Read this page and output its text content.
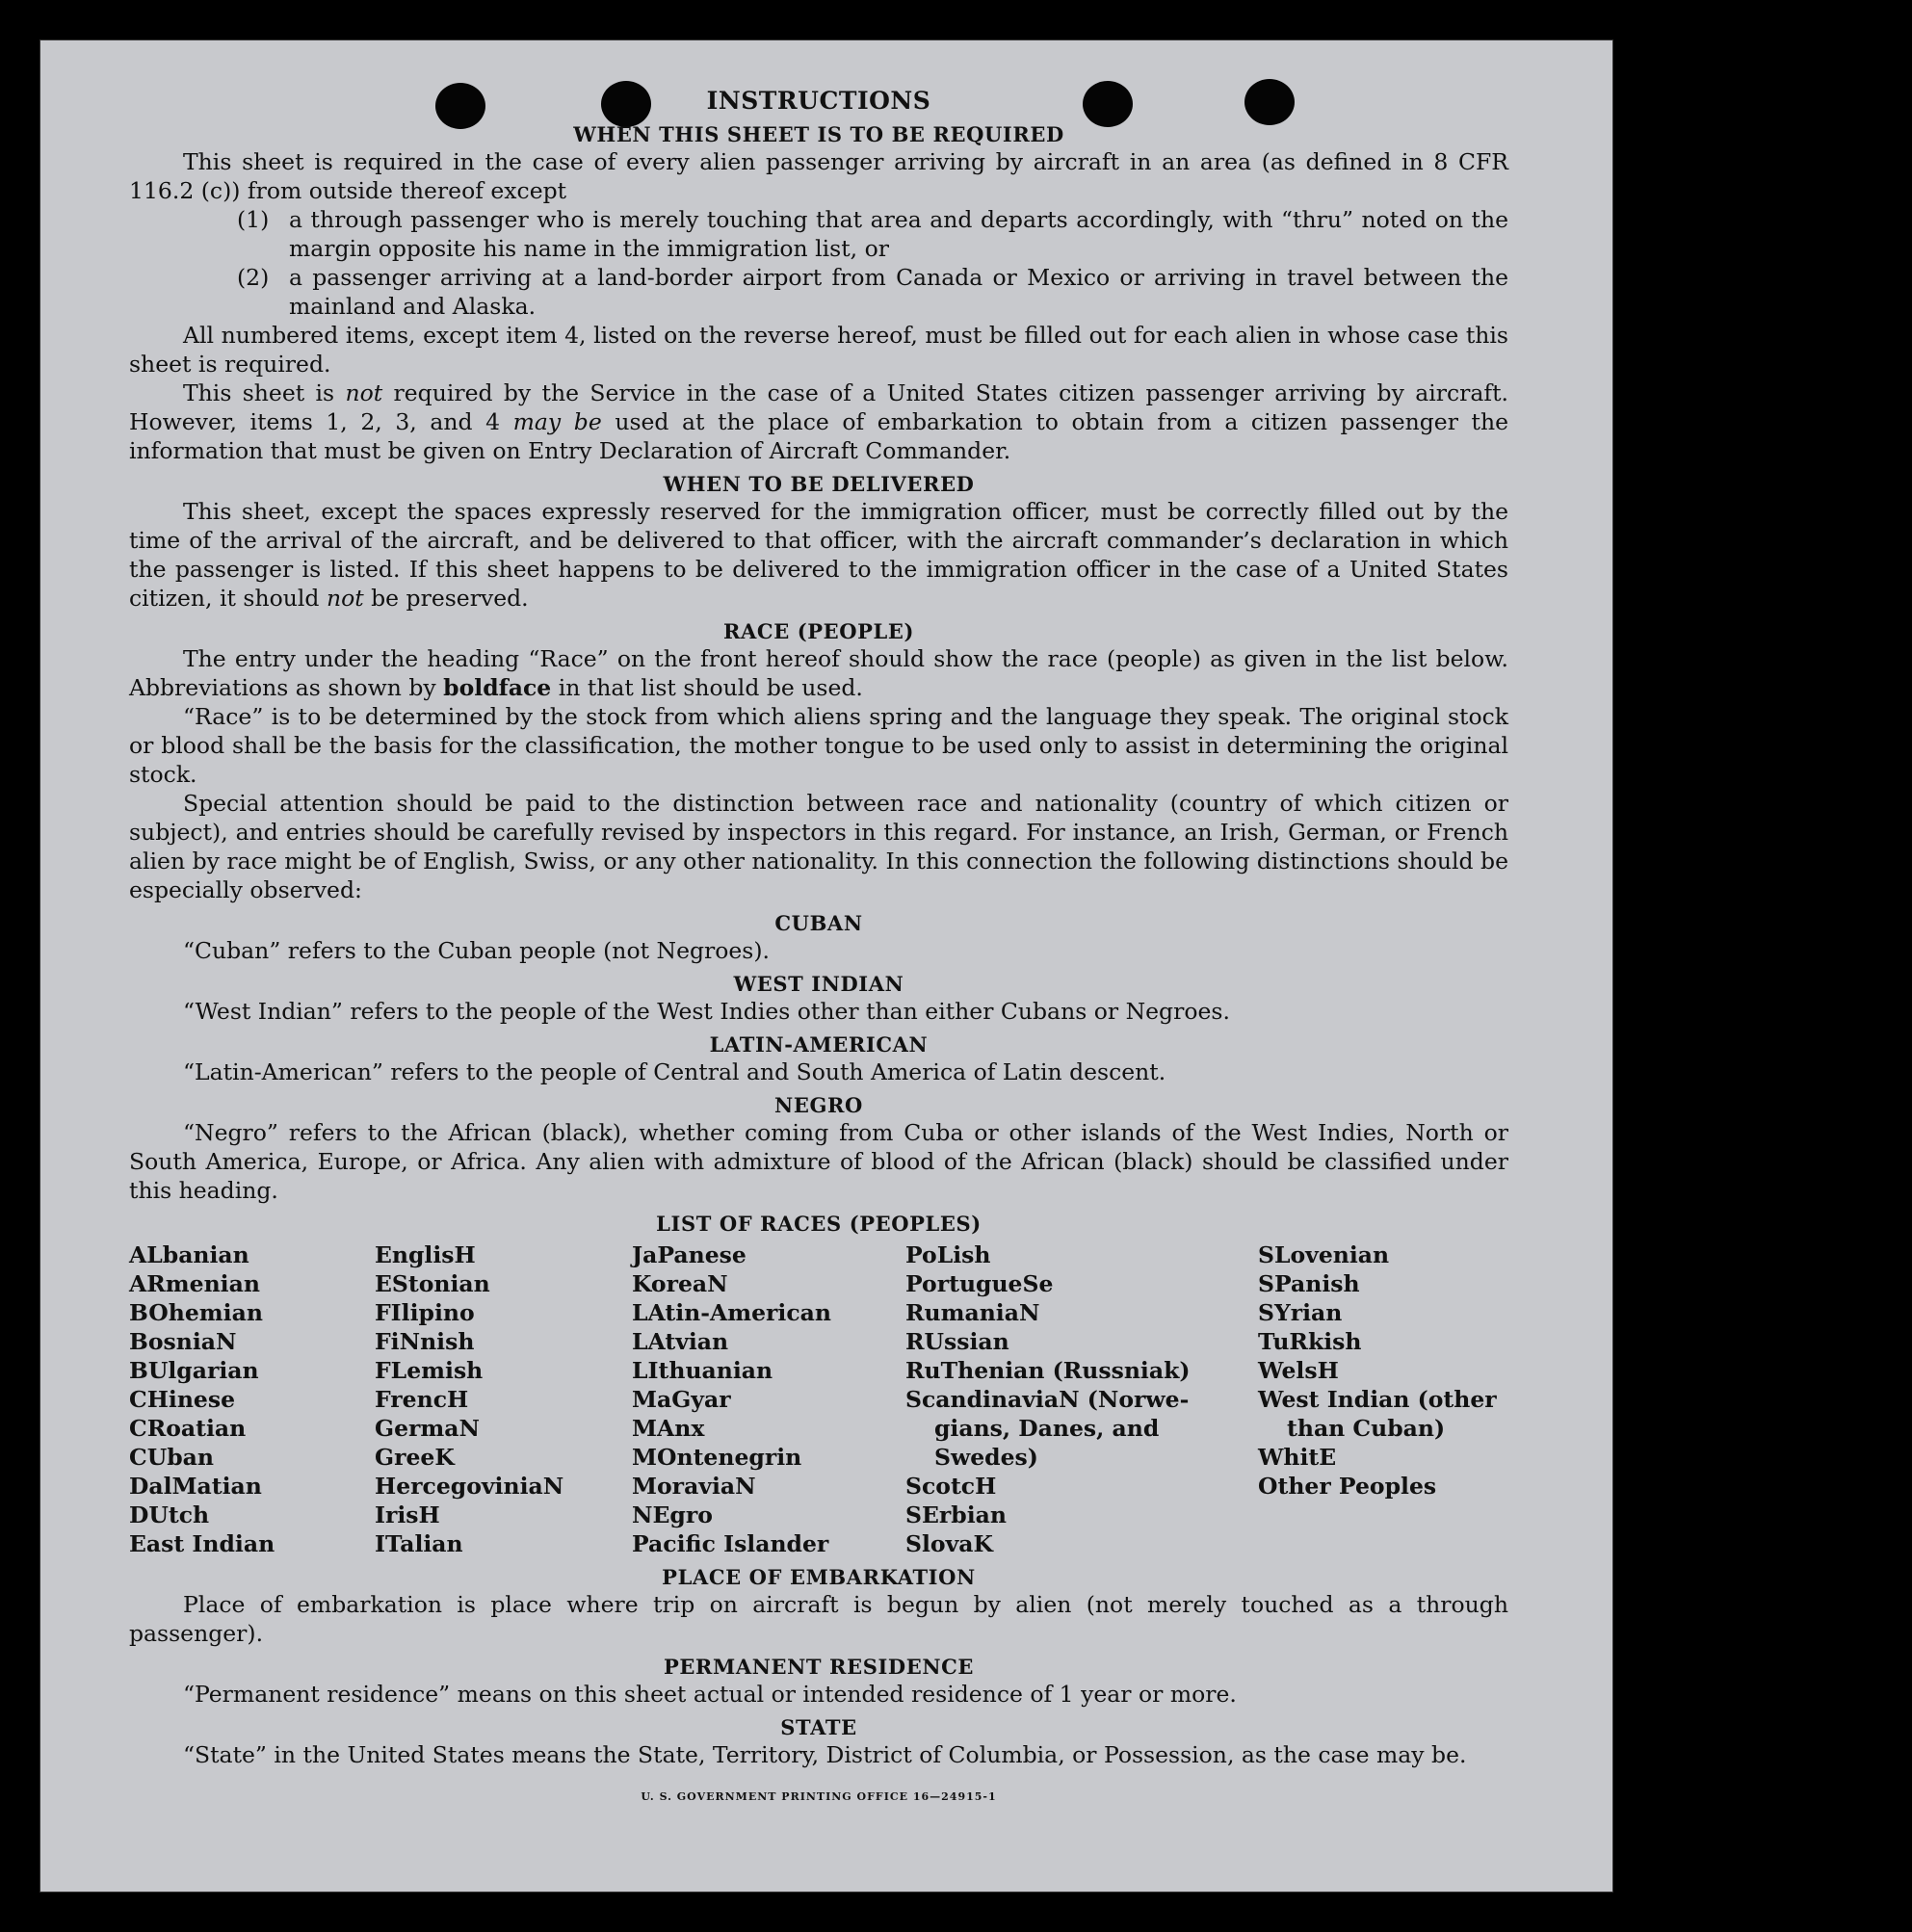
INSTRUCTIONS
WHEN THIS SHEET IS TO BE REQUIRED

This sheet is required in the case of every alien passenger arriving by aircraft in an area (as defined in 8 CFR 116.2 (c)) from outside thereof except

(1) a through passenger who is merely touching that area and departs accordingly, with “thru” noted on the margin opposite his name in the immigration list, or
(2) a passenger arriving at a land-border airport from Canada or Mexico or arriving in travel between the mainland and Alaska.

All numbered items, except item 4, listed on the reverse hereof, must be filled out for each alien in whose case this sheet is required.

This sheet is not required by the Service in the case of a United States citizen passenger arriving by aircraft. However, items 1, 2, 3, and 4 may be used at the place of embarkation to obtain from a citizen passenger the information that must be given on Entry Declaration of Aircraft Commander.

WHEN TO BE DELIVERED

This sheet, except the spaces expressly reserved for the immigration officer, must be correctly filled out by the time of the arrival of the aircraft, and be delivered to that officer, with the aircraft commander’s declaration in which the passenger is listed. If this sheet happens to be delivered to the immigration officer in the case of a United States citizen, it should not be preserved.

RACE (PEOPLE)

The entry under the heading “Race” on the front hereof should show the race (people) as given in the list below. Abbreviations as shown by boldface in that list should be used.

“Race” is to be determined by the stock from which aliens spring and the language they speak. The original stock or blood shall be the basis for the classification, the mother tongue to be used only to assist in determining the original stock.

Special attention should be paid to the distinction between race and nationality (country of which citizen or subject), and entries should be carefully revised by inspectors in this regard. For instance, an Irish, German, or French alien by race might be of English, Swiss, or any other nationality. In this connection the following distinctions should be especially observed:

CUBAN

“Cuban” refers to the Cuban people (not Negroes).

WEST INDIAN

“West Indian” refers to the people of the West Indies other than either Cubans or Negroes.

LATIN-AMERICAN

“Latin-American” refers to the people of Central and South America of Latin descent.

NEGRO

“Negro” refers to the African (black), whether coming from Cuba or other islands of the West Indies, North or South America, Europe, or Africa. Any alien with admixture of blood of the African (black) should be classified under this heading.

LIST OF RACES (PEOPLES)
ALbanian
ARmenian
BOhemian
BosniaN
BUlgarian
CHinese
CRoatian
CUban
DalMatian
DUtch
East Indian
EnglisH
EStonian
FIlipino
FiNnish
FLemish
FrencH
GermaN
GreeK
HercegoviniaN
IrisH
ITalian
JaPanese
KoreaN
LAtin-American
LAtvian
LIthuanian
MaGyar
MAnx
MOntenegrin
MoraviaN
NEgro
Pacific Islander
PoLish
PortugueSe
RumaniaN
RUssian
RuThenian (Russniak)
ScandinaviaN (Norwe-
gians, Danes, and
Swedes)
ScotcH
SErbian
SlovaK
SLovenian
SPanish
SYrian
TuRkish
WelsH
West Indian (other
than Cuban)
WhitE
Other Peoples
PLACE OF EMBARKATION

Place of embarkation is place where trip on aircraft is begun by alien (not merely touched as a through passenger).

PERMANENT RESIDENCE

“Permanent residence” means on this sheet actual or intended residence of 1 year or more.

STATE

“State” in the United States means the State, Territory, District of Columbia, or Possession, as the case may be.

U. S. GOVERNMENT PRINTING OFFICE 16—24915-1
